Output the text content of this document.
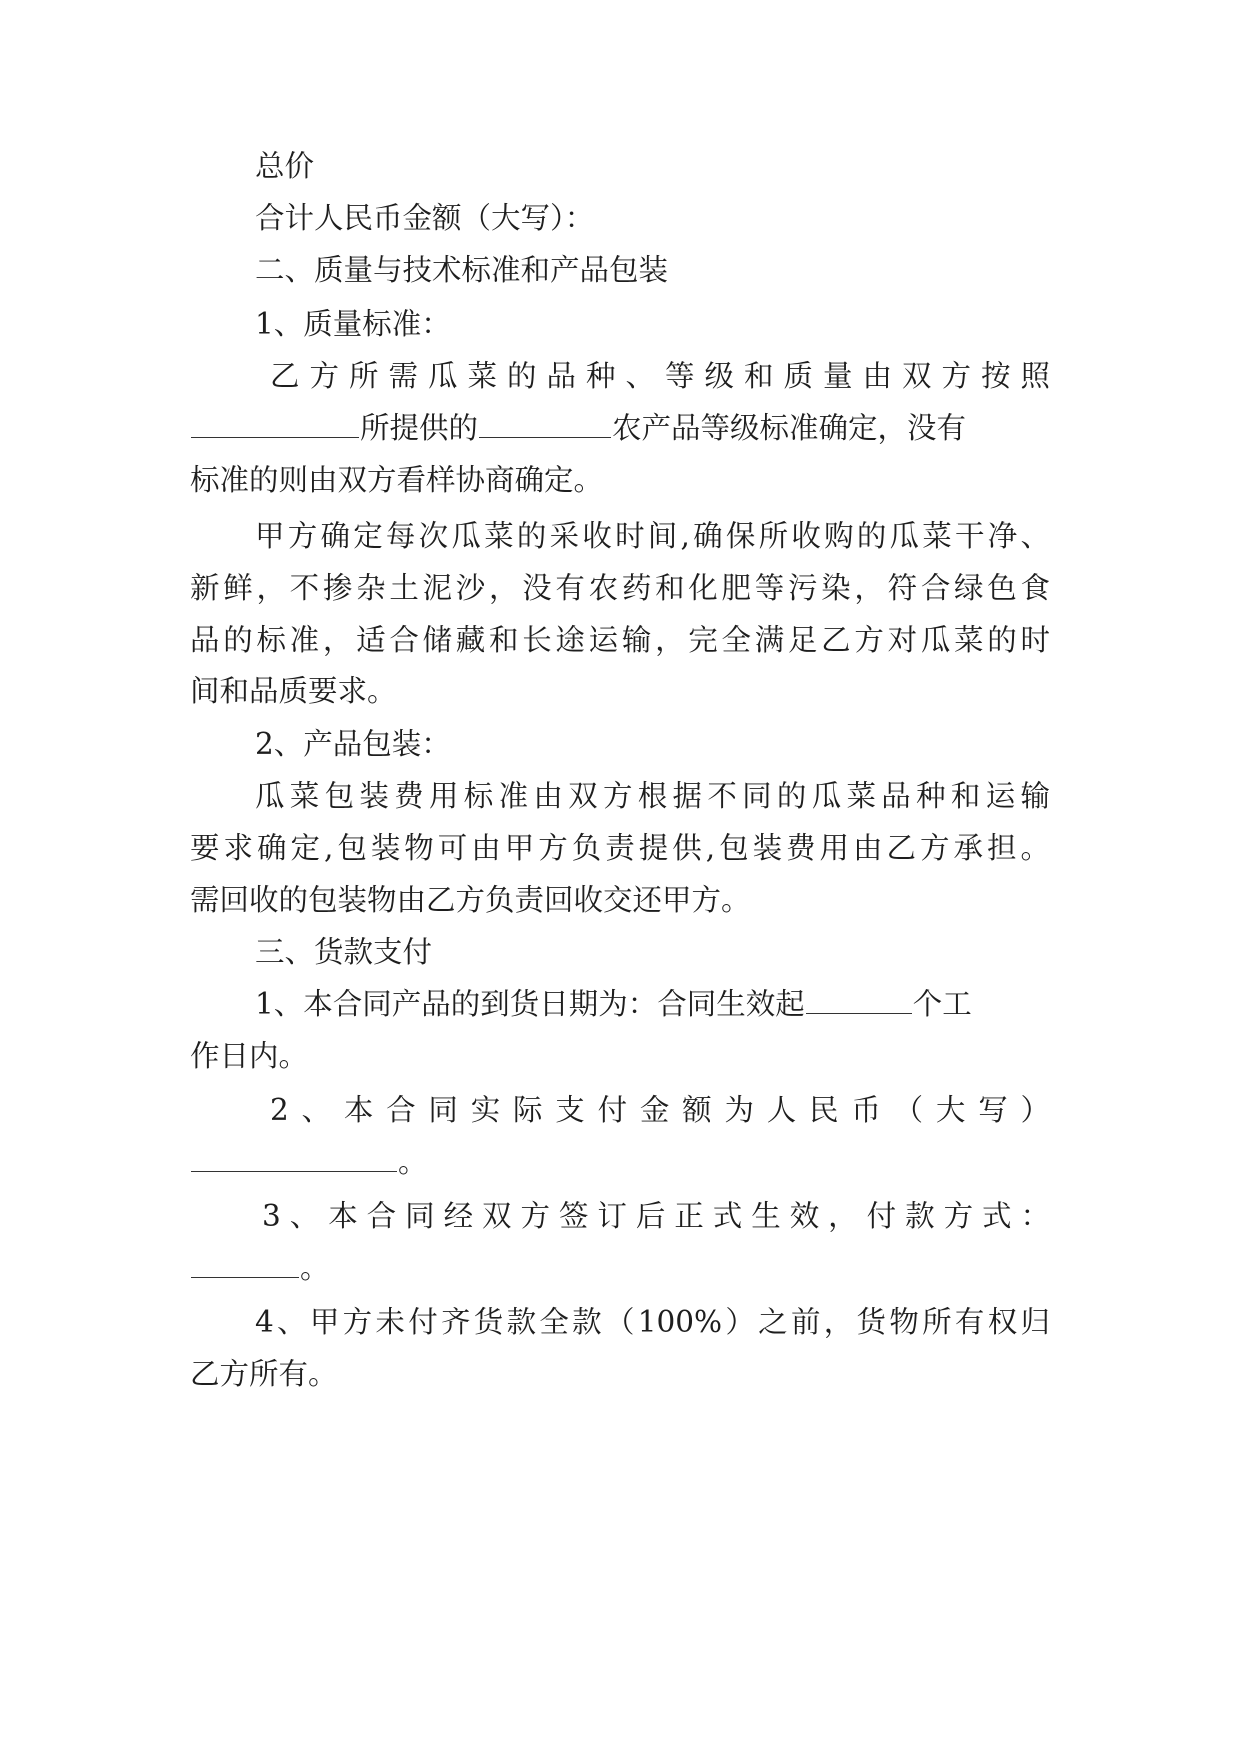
总价
合计人民币金额（大写）：
二、质量与技术标准和产品包装
1、质量标准：
乙方所需瓜菜的品种、等级和质量由双方按照
所提供的	农产品等级标准确定，没有
标准的则由双方看样协商确定。
甲方确定每次瓜菜的采收时间,确保所收购的瓜菜干净、
新鲜，不掺杂土泥沙，没有农药和化肥等污染，符合绿色食
品的标准，适合储藏和长途运输，完全满足乙方对瓜菜的时
间和品质要求。
2、产品包装：
瓜菜包装费用标准由双方根据不同的瓜菜品种和运输
要求确定,包装物可由甲方负责提供,包装费用由乙方承担。
需回收的包装物由乙方负责回收交还甲方。
三、货款支付
1、本合同产品的到货日期为：合同生效起	个工
作日内。
2、本合同实际支付金额为人民币（大写）
。
3、本合同经双方签订后正式生效，付款方式：
。
4、甲方未付齐货款全款（100%）之前，货物所有权归
乙方所有。
